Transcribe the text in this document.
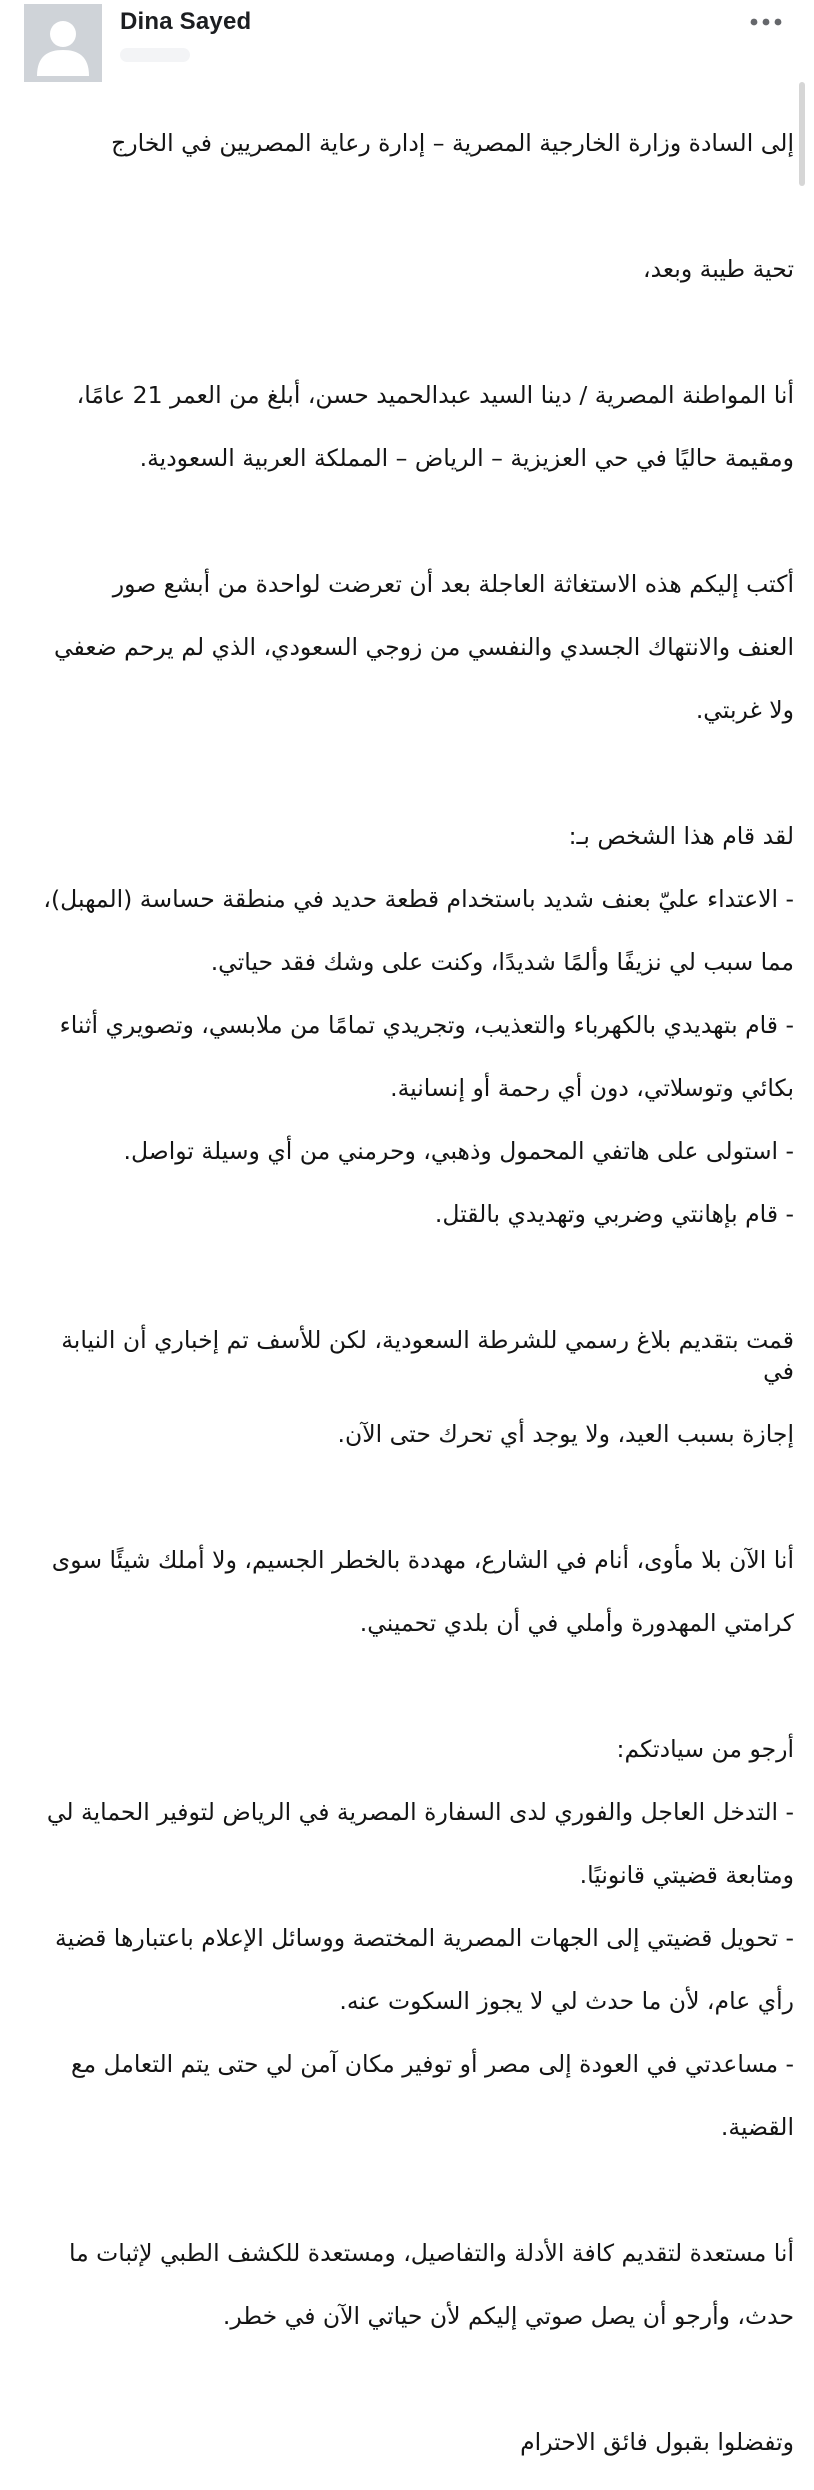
Dina Sayed

إلى السادة وزارة الخارجية المصرية – إدارة رعاية المصريين في الخارج

تحية طيبة وبعد،

أنا المواطنة المصرية / دينا السيد عبدالحميد حسن، أبلغ من العمر 21 عامًا،

ومقيمة حاليًا في حي العزيزية – الرياض – المملكة العربية السعودية.

أكتب إليكم هذه الاستغاثة العاجلة بعد أن تعرضت لواحدة من أبشع صور

العنف والانتهاك الجسدي والنفسي من زوجي السعودي، الذي لم يرحم ضعفي

ولا غربتي.

لقد قام هذا الشخص بـ:

- الاعتداء عليّ بعنف شديد باستخدام قطعة حديد في منطقة حساسة (المهبل)،

مما سبب لي نزيفًا وألمًا شديدًا، وكنت على وشك فقد حياتي.

- قام بتهديدي بالكهرباء والتعذيب، وتجريدي تمامًا من ملابسي، وتصويري أثناء

بكائي وتوسلاتي، دون أي رحمة أو إنسانية.

- استولى على هاتفي المحمول وذهبي، وحرمني من أي وسيلة تواصل.

- قام بإهانتي وضربي وتهديدي بالقتل.

قمت بتقديم بلاغ رسمي للشرطة السعودية، لكن للأسف تم إخباري أن النيابة في

إجازة بسبب العيد، ولا يوجد أي تحرك حتى الآن.

أنا الآن بلا مأوى، أنام في الشارع، مهددة بالخطر الجسيم، ولا أملك شيئًا سوى

كرامتي المهدورة وأملي في أن بلدي تحميني.

أرجو من سيادتكم:

- التدخل العاجل والفوري لدى السفارة المصرية في الرياض لتوفير الحماية لي

ومتابعة قضيتي قانونيًا.

- تحويل قضيتي إلى الجهات المصرية المختصة ووسائل الإعلام باعتبارها قضية

رأي عام، لأن ما حدث لي لا يجوز السكوت عنه.

- مساعدتي في العودة إلى مصر أو توفير مكان آمن لي حتى يتم التعامل مع

القضية.

أنا مستعدة لتقديم كافة الأدلة والتفاصيل، ومستعدة للكشف الطبي لإثبات ما

حدث، وأرجو أن يصل صوتي إليكم لأن حياتي الآن في خطر.

وتفضلوا بقبول فائق الاحترام
